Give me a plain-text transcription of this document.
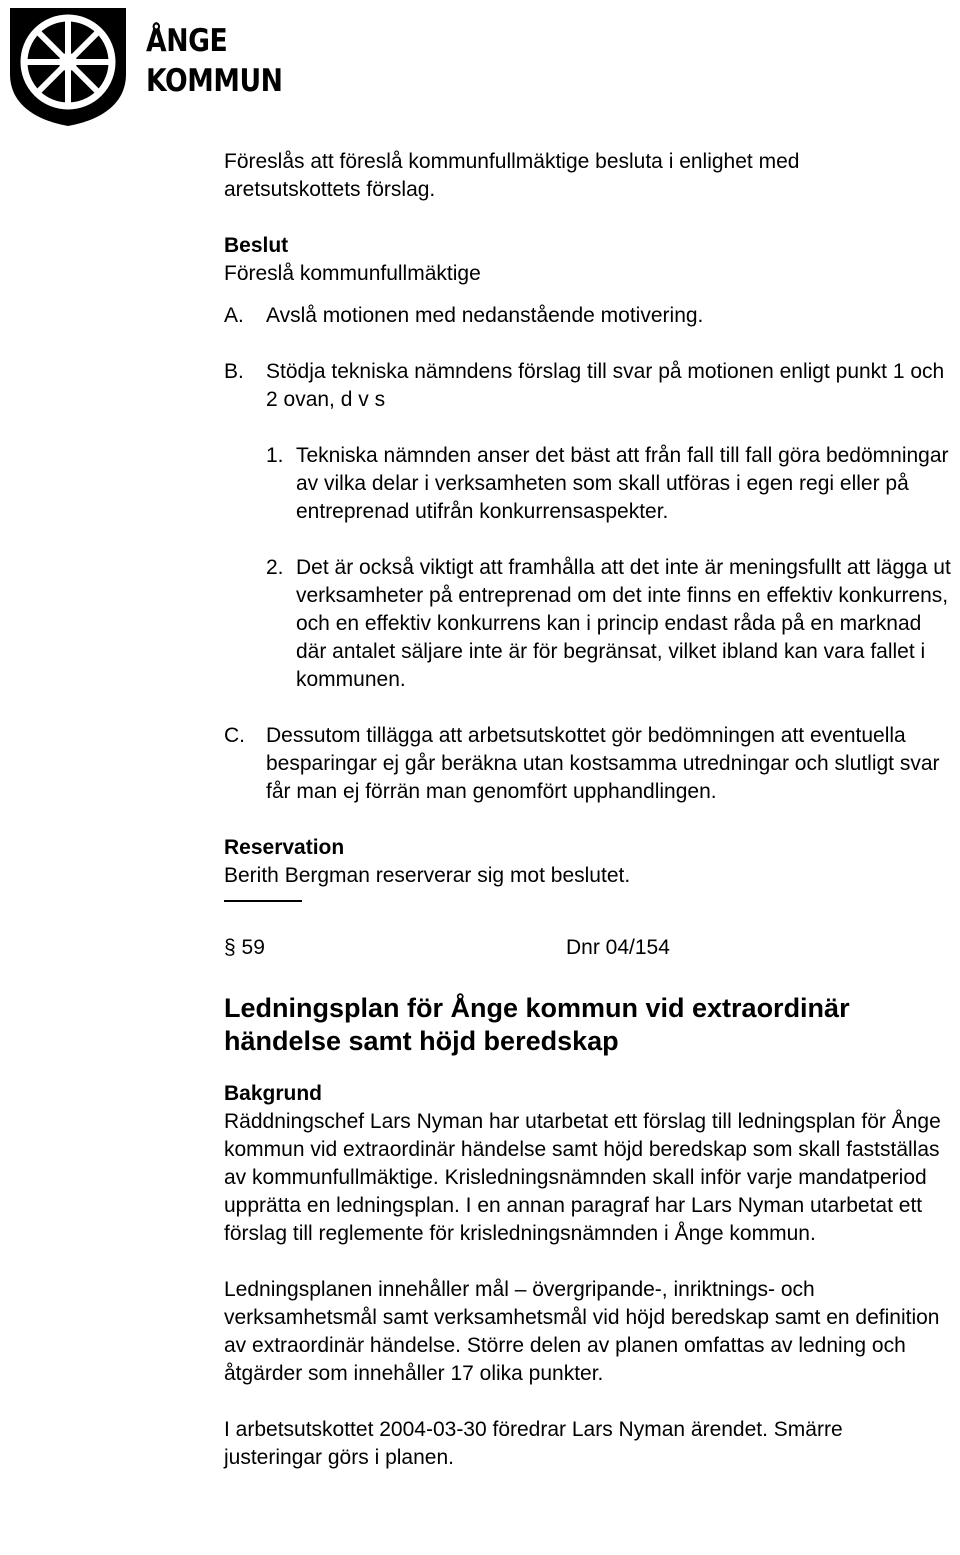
ÅNGE
KOMMUN

Föreslås att föreslå kommunfullmäktige besluta i enlighet med aretsutskottets förslag.

Beslut

Föreslå kommunfullmäktige

A. Avslå motionen med nedanstående motivering.
B. Stödja tekniska nämndens förslag till svar på motionen enligt punkt 1 och 2 ovan, d v s
1. Tekniska nämnden anser det bäst att från fall till fall göra bedömningar av vilka delar i verksamheten som skall utföras i egen regi eller på entreprenad utifrån konkurrensaspekter.
2. Det är också viktigt att framhålla att det inte är meningsfullt att lägga ut verksamheter på entreprenad om det inte finns en effektiv konkurrens, och en effektiv konkurrens kan i princip endast råda på en marknad där antalet säljare inte är för begränsat, vilket ibland kan vara fallet i kommunen.
C. Dessutom tillägga att arbetsutskottet gör bedömningen att eventuella besparingar ej går beräkna utan kostsamma utredningar och slutligt svar får man ej förrän man genomfört upphandlingen.

Reservation

Berith Bergman reserverar sig mot beslutet.

§ 59	Dnr 04/154

Ledningsplan för Ånge kommun vid extraordinär händelse samt höjd beredskap

Bakgrund

Räddningschef Lars Nyman har utarbetat ett förslag till ledningsplan för Ånge kommun vid extraordinär händelse samt höjd beredskap som skall fastställas av kommunfullmäktige. Krisledningsnämnden skall inför varje mandatperiod upprätta en ledningsplan. I en annan paragraf har Lars Nyman utarbetat ett förslag till reglemente för krisledningsnämnden i Ånge kommun.

Ledningsplanen innehåller mål – övergripande-, inriktnings- och verksamhetsmål samt verksamhetsmål vid höjd beredskap samt en definition av extraordinär händelse. Större delen av planen omfattas av ledning och åtgärder som innehåller 17 olika punkter.

I arbetsutskottet 2004-03-30 föredrar Lars Nyman ärendet. Smärre justeringar görs i planen.
